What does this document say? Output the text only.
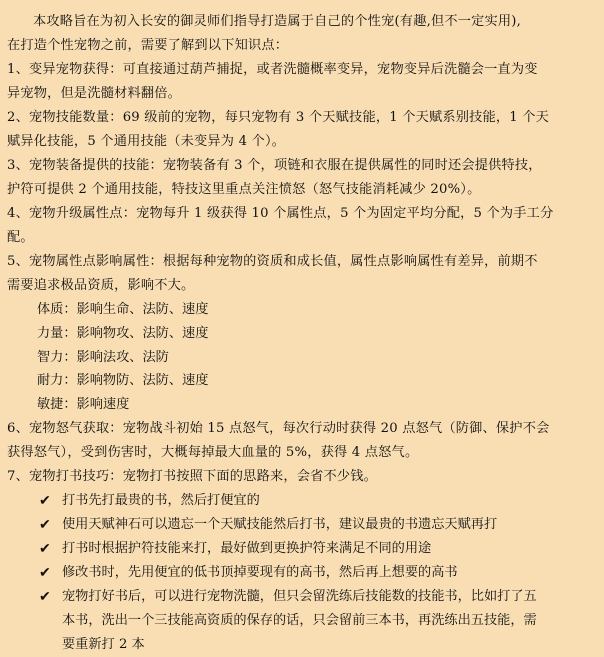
本攻略旨在为初入长安的御灵师们指导打造属于自己的个性宠(有趣,但不一定实用),

在打造个性宠物之前，需要了解到以下知识点：

1、变异宠物获得：可直接通过葫芦捕捉，或者洗髓概率变异，宠物变异后洗髓会一直为变

异宠物，但是洗髓材料翻倍。

2、宠物技能数量：69 级前的宠物，每只宠物有 3 个天赋技能，1 个天赋系别技能，1 个天

赋异化技能，5 个通用技能（未变异为 4 个）。

3、宠物装备提供的技能：宠物装备有 3 个，项链和衣服在提供属性的同时还会提供特技，

护符可提供 2 个通用技能，特技这里重点关注愤怒（怒气技能消耗减少 20%）。

4、宠物升级属性点：宠物每升 1 级获得 10 个属性点，5 个为固定平均分配，5 个为手工分

配。

5、宠物属性点影响属性：根据每种宠物的资质和成长值，属性点影响属性有差异，前期不

需要追求极品资质，影响不大。

体质：影响生命、法防、速度

力量：影响物攻、法防、速度

智力：影响法攻、法防

耐力：影响物防、法防、速度

敏捷：影响速度

6、宠物怒气获取：宠物战斗初始 15 点怒气，每次行动时获得 20 点怒气（防御、保护不会

获得怒气），受到伤害时，大概每掉最大血量的 5%，获得 4 点怒气。

7、宠物打书技巧：宠物打书按照下面的思路来，会省不少钱。

✔ 打书先打最贵的书，然后打便宜的
✔ 使用天赋神石可以遗忘一个天赋技能然后打书，建议最贵的书遗忘天赋再打
✔ 打书时根据护符技能来打，最好做到更换护符来满足不同的用途
✔ 修改书时，先用便宜的低书顶掉要现有的高书，然后再上想要的高书
✔ 宠物打好书后，可以进行宠物洗髓，但只会留洗练后技能数的技能书，比如打了五
本书，洗出一个三技能高资质的保存的话，只会留前三本书，再洗练出五技能，需
要重新打 2 本
